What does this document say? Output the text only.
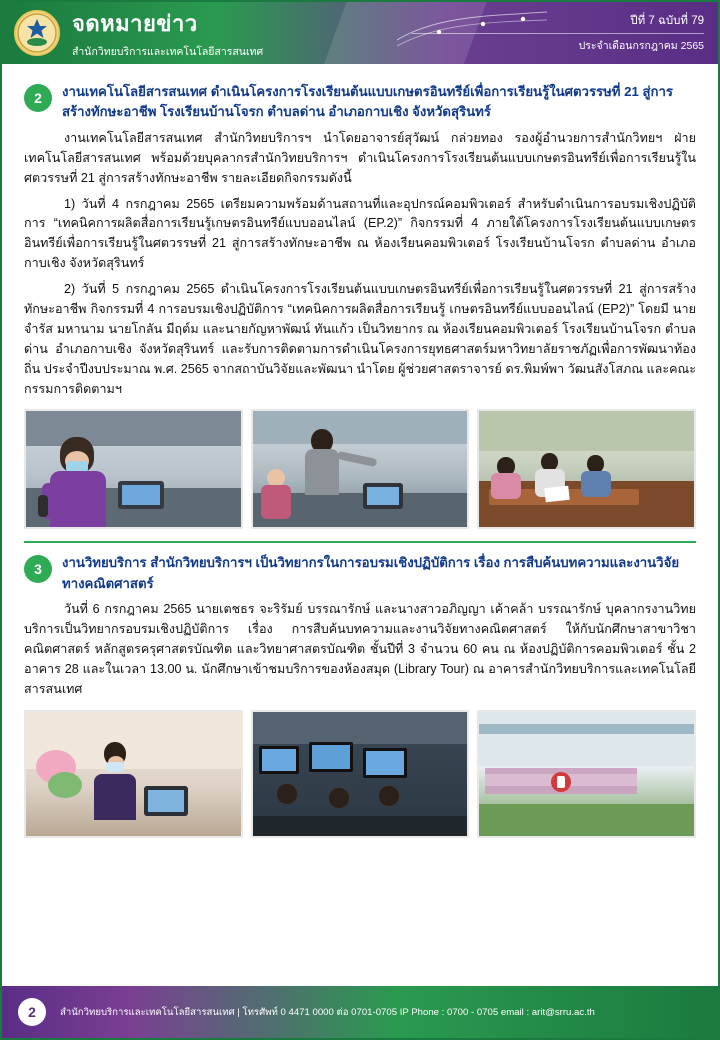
จดหมายข่าว
สำนักวิทยบริการและเทคโนโลยีสารสนเทศ
ปีที่ 7 ฉบับที่ 79
ประจำเดือนกรกฎาคม 2565
2	งานเทคโนโลยีสารสนเทศ ดำเนินโครงการโรงเรียนต้นแบบเกษตรอินทรีย์เพื่อการเรียนรู้ในศตวรรษที่ 21 สู่การสร้างทักษะอาชีพ โรงเรียนบ้านโจรก ตำบลด่าน อำเภอกาบเชิง จังหวัดสุรินทร์

งานเทคโนโลยีสารสนเทศ สำนักวิทยบริการฯ นำโดยอาจารย์สุวัฒน์ กล่วยทอง รองผู้อำนวยการสำนักวิทยฯ ฝ่ายเทคโนโลยีสารสนเทศ พร้อมด้วยบุคลากรสำนักวิทยบริการฯ ดำเนินโครงการโรงเรียนต้นแบบเกษตรอินทรีย์เพื่อการเรียนรู้ในศตวรรษที่ 21 สู่การสร้างทักษะอาชีพ รายละเอียดกิจกรรมดังนี้

1) วันที่ 4 กรกฎาคม 2565 เตรียมความพร้อมด้านสถานที่และอุปกรณ์คอมพิวเตอร์ สำหรับดำเนินการอบรมเชิงปฏิบัติการ “เทคนิคการผลิตสื่อการเรียนรู้เกษตรอินทรีย์แบบออนไลน์ (EP.2)” กิจกรรมที่ 4 ภายใต้โครงการโรงเรียนต้นแบบเกษตรอินทรีย์เพื่อการเรียนรู้ในศตวรรษที่ 21 สู่การสร้างทักษะอาชีพ ณ ห้องเรียนคอมพิวเตอร์ โรงเรียนบ้านโจรก ตำบลด่าน อำเภอกาบเชิง จังหวัดสุรินทร์

2) วันที่ 5 กรกฎาคม 2565 ดำเนินโครงการโรงเรียนต้นแบบเกษตรอินทรีย์เพื่อการเรียนรู้ในศตวรรษที่ 21 สู่การสร้างทักษะอาชีพ กิจกรรมที่ 4 การอบรมเชิงปฏิบัติการ “เทคนิคการผลิตสื่อการเรียนรู้ เกษตรอินทรีย์แบบออนไลน์ (EP2)” โดยมี นายจำรัส มหานาม นายโกลัน มีฤต์ม และนายกัญหาพัฒน์ ทันแก้ว เป็นวิทยากร ณ ห้องเรียนคอมพิวเตอร์ โรงเรียนบ้านโจรก ตำบลด่าน อำเภอกาบเชิง จังหวัดสุรินทร์ และรับการติดตามการดำเนินโครงการยุทธศาสตร์มหาวิทยาลัยราชภัฏเพื่อการพัฒนาท้องถิ่น ประจำปีงบประมาณ พ.ศ. 2565 จากสถาบันวิจัยและพัฒนา นำโดย ผู้ช่วยศาสตราจารย์ ดร.พิมพ์พา วัฒนสังโสภณ และคณะกรรมการติดตามฯ

3	งานวิทยบริการ สำนักวิทยบริการฯ เป็นวิทยากรในการอบรมเชิงปฏิบัติการ เรื่อง การสืบค้นบทความและงานวิจัยทางคณิตศาสตร์

วันที่ 6 กรกฎาคม 2565 นายเตชธร จะริรัมย์ บรรณารักษ์ และนางสาวอภิญญา เค้าคล้า บรรณารักษ์ บุคลากรงานวิทยบริการเป็นวิทยากรอบรมเชิงปฏิบัติการ เรื่อง การสืบค้นบทความและงานวิจัยทางคณิตศาสตร์ ให้กับนักศึกษาสาขาวิชาคณิตศาสตร์ หลักสูตรครุศาสตรบัณฑิต และวิทยาศาสตรบัณฑิต ชั้นปีที่ 3 จำนวน 60 คน ณ ห้องปฏิบัติการคอมพิวเตอร์ ชั้น 2 อาคาร 28 และในเวลา 13.00 น. นักศึกษาเข้าชมบริการของห้องสมุด (Library Tour) ณ อาคารสำนักวิทยบริการและเทคโนโลยีสารสนเทศ

2	สำนักวิทยบริการและเทคโนโลยีสารสนเทศ | โทรศัพท์ 0 4471 0000 ต่อ 0701-0705 IP Phone : 0700 - 0705 email : arit@srru.ac.th
